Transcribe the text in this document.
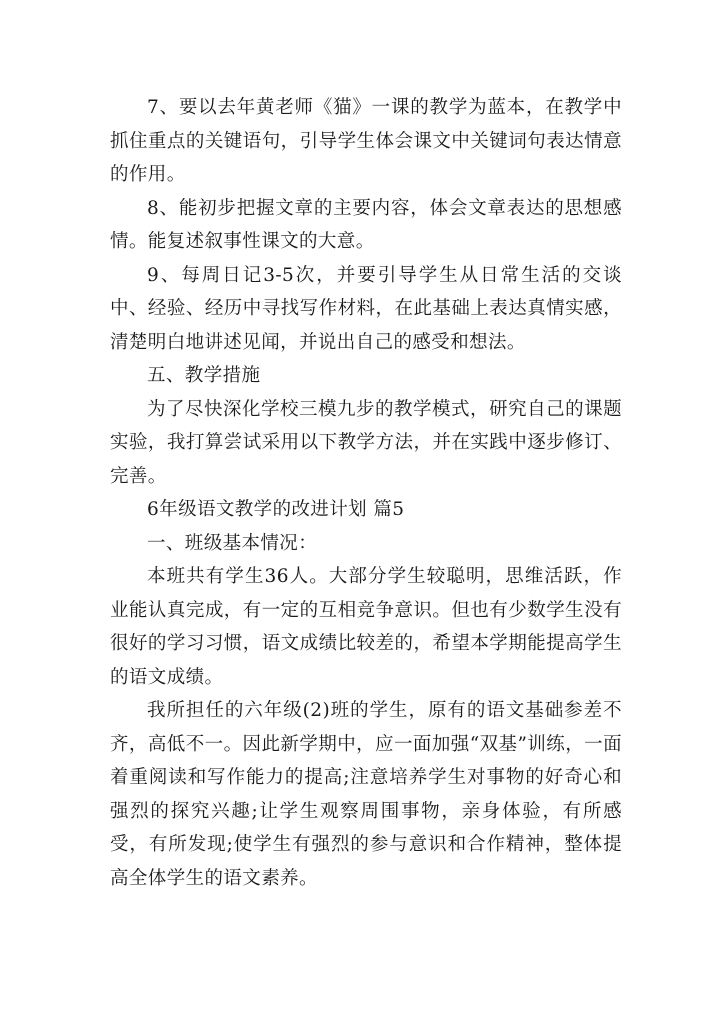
7、要以去年黄老师《猫》一课的教学为蓝本，在教学中抓住重点的关键语句，引导学生体会课文中关键词句表达情意的作用。

8、能初步把握文章的主要内容，体会文章表达的思想感情。能复述叙事性课文的大意。

9、每周日记3-5次，并要引导学生从日常生活的交谈中、经验、经历中寻找写作材料，在此基础上表达真情实感，清楚明白地讲述见闻，并说出自己的感受和想法。

五、教学措施

为了尽快深化学校三模九步的教学模式，研究自己的课题实验，我打算尝试采用以下教学方法，并在实践中逐步修订、完善。

6年级语文教学的改进计划 篇5

一、班级基本情况：

本班共有学生36人。大部分学生较聪明，思维活跃，作业能认真完成，有一定的互相竞争意识。但也有少数学生没有很好的学习习惯，语文成绩比较差的，希望本学期能提高学生的语文成绩。

我所担任的六年级(2)班的学生，原有的语文基础参差不齐，高低不一。因此新学期中，应一面加强“双基”训练，一面着重阅读和写作能力的提高;注意培养学生对事物的好奇心和强烈的探究兴趣;让学生观察周围事物，亲身体验，有所感受，有所发现;使学生有强烈的参与意识和合作精神，整体提高全体学生的语文素养。
